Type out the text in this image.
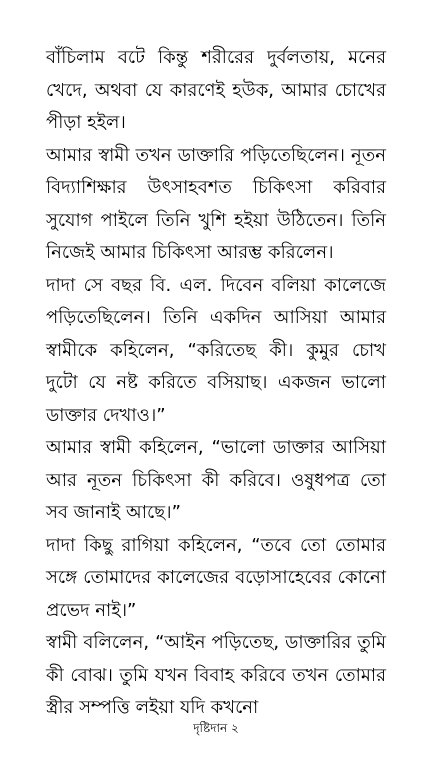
বাঁচিলাম বটে কিন্তু শরীরের দুর্বলতায়, মনের খেদে, অথবা যে কারণেই হউক, আমার চোখের পীড়া হইল।

আমার স্বামী তখন ডাক্তারি পড়িতেছিলেন। নূতন বিদ্যাশিক্ষার উৎসাহবশত চিকিৎসা করিবার সুযোগ পাইলে তিনি খুশি হইয়া উঠিতেন। তিনি নিজেই আমার চিকিৎসা আরম্ভ করিলেন।

দাদা সে বছর বি. এল. দিবেন বলিয়া কালেজে পড়িতেছিলেন। তিনি একদিন আসিয়া আমার স্বামীকে কহিলেন, “করিতেছ কী। কুমুর চোখ দুটো যে নষ্ট করিতে বসিয়াছ। একজন ভালো ডাক্তার দেখাও।”

আমার স্বামী কহিলেন, “ভালো ডাক্তার আসিয়া আর নূতন চিকিৎসা কী করিবে। ওষুধপত্র তো সব জানাই আছে।”

দাদা কিছু রাগিয়া কহিলেন, “তবে তো তোমার সঙ্গে তোমাদের কালেজের বড়োসাহেবের কোনো প্রভেদ নাই।”

স্বামী বলিলেন, “আইন পড়িতেছ, ডাক্তারির তুমি কী বোঝ। তুমি যখন বিবাহ করিবে তখন তোমার স্ত্রীর সম্পত্তি লইয়া যদি কখনো

দৃষ্টিদান ২
